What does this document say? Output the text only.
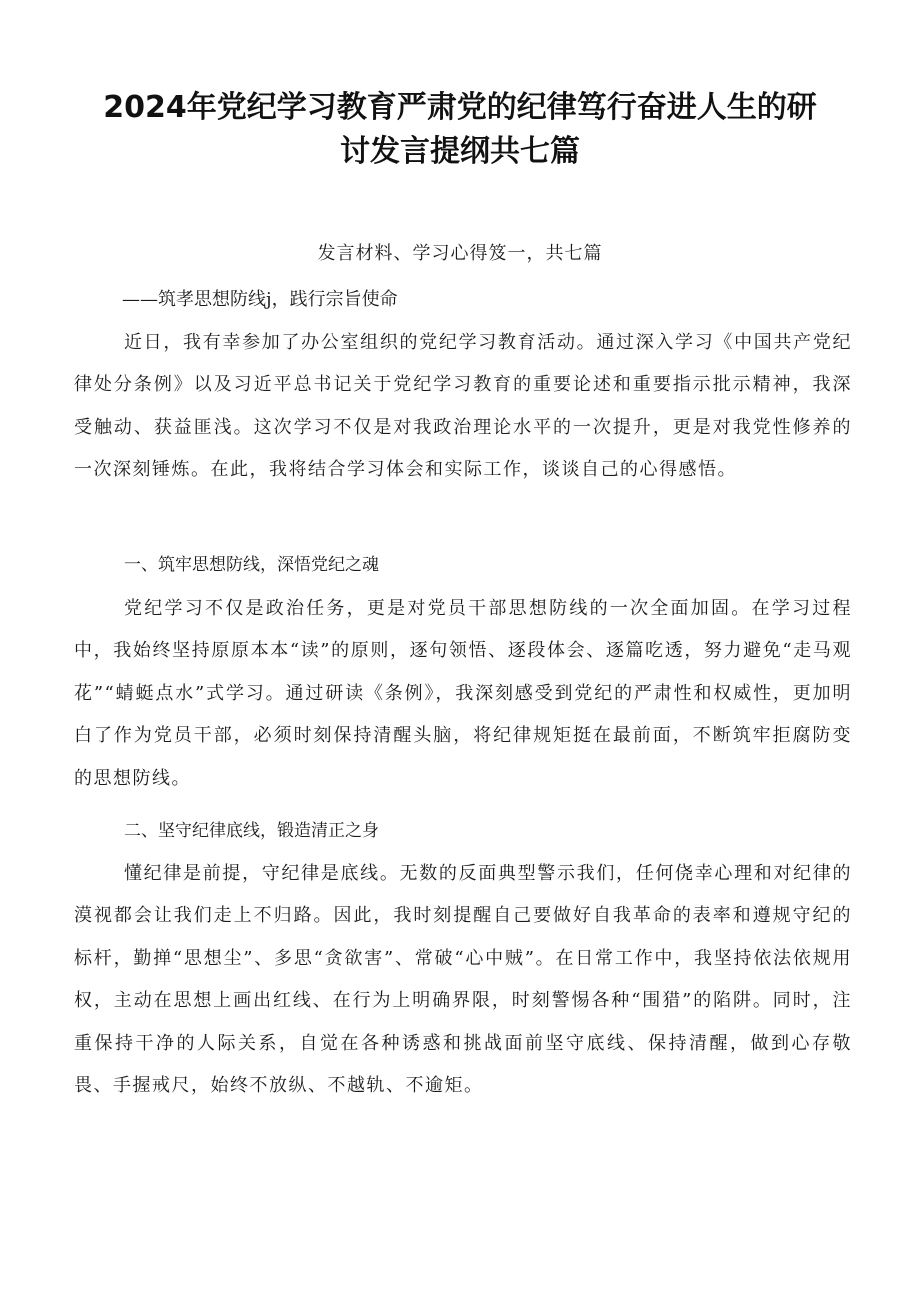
2024年党纪学习教育严肃党的纪律笃行奋进人生的研讨发言提纲共七篇

发言材料、学习心得笈一，共七篇

——筑孝思想防线j，践行宗旨使命

近日，我有幸参加了办公室组织的党纪学习教育活动。通过深入学习《中国共产党纪律处分条例》以及习近平总书记关于党纪学习教育的重要论述和重要指示批示精神，我深受触动、获益匪浅。这次学习不仅是对我政治理论水平的一次提升，更是对我党性修养的一次深刻锤炼。在此，我将结合学习体会和实际工作，谈谈自己的心得感悟。

一、筑牢思想防线，深悟党纪之魂

党纪学习不仅是政治任务，更是对党员干部思想防线的一次全面加固。在学习过程中，我始终坚持原原本本“读”的原则，逐句领悟、逐段体会、逐篇吃透，努力避免“走马观花”“蜻蜓点水”式学习。通过研读《条例》，我深刻感受到党纪的严肃性和权威性，更加明白了作为党员干部，必须时刻保持清醒头脑，将纪律规矩挺在最前面，不断筑牢拒腐防变的思想防线。

二、坚守纪律底线，锻造清正之身

懂纪律是前提，守纪律是底线。无数的反面典型警示我们，任何侥幸心理和对纪律的漠视都会让我们走上不归路。因此，我时刻提醒自己要做好自我革命的表率和遵规守纪的标杆，勤掸“思想尘”、多思“贪欲害”、常破“心中贼”。在日常工作中，我坚持依法依规用权，主动在思想上画出红线、在行为上明确界限，时刻警惕各种“围猎”的陷阱。同时，注重保持干净的人际关系，自觉在各种诱惑和挑战面前坚守底线、保持清醒，做到心存敬畏、手握戒尺，始终不放纵、不越轨、不逾矩。
